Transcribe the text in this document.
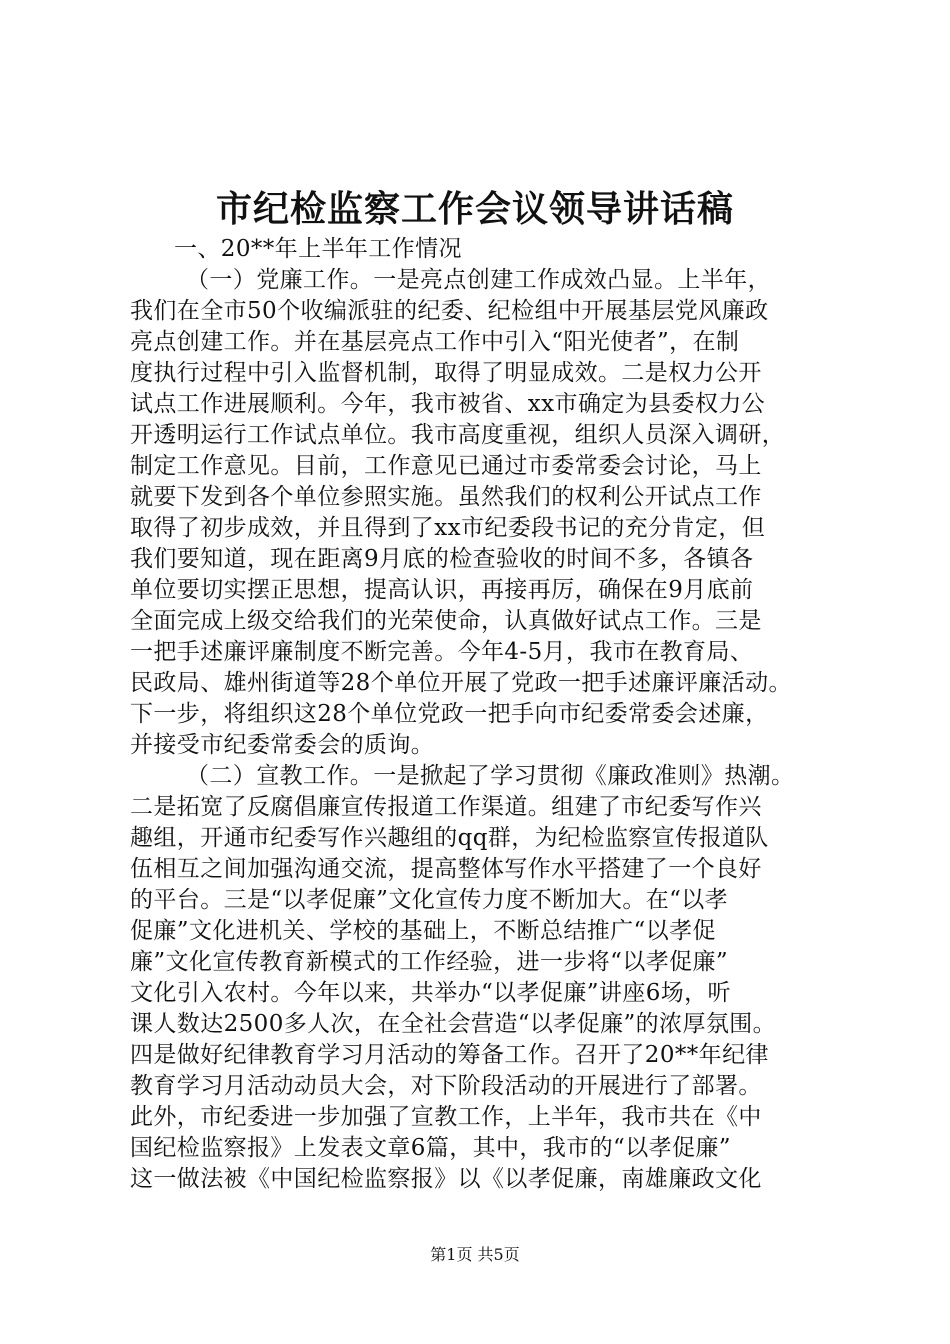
市纪检监察工作会议领导讲话稿
一、20**年上半年工作情况
（一）党廉工作。一是亮点创建工作成效凸显。上半年，
我们在全市50个收编派驻的纪委、纪检组中开展基层党风廉政
亮点创建工作。并在基层亮点工作中引入“阳光使者”，在制
度执行过程中引入监督机制，取得了明显成效。二是权力公开
试点工作进展顺利。今年，我市被省、xx市确定为县委权力公
开透明运行工作试点单位。我市高度重视，组织人员深入调研，
制定工作意见。目前，工作意见已通过市委常委会讨论，马上
就要下发到各个单位参照实施。虽然我们的权利公开试点工作
取得了初步成效，并且得到了xx市纪委段书记的充分肯定，但
我们要知道，现在距离9月底的检查验收的时间不多，各镇各
单位要切实摆正思想，提高认识，再接再厉，确保在9月底前
全面完成上级交给我们的光荣使命，认真做好试点工作。三是
一把手述廉评廉制度不断完善。今年4-5月，我市在教育局、
民政局、雄州街道等28个单位开展了党政一把手述廉评廉活动。
下一步，将组织这28个单位党政一把手向市纪委常委会述廉，
并接受市纪委常委会的质询。
（二）宣教工作。一是掀起了学习贯彻《廉政准则》热潮。
二是拓宽了反腐倡廉宣传报道工作渠道。组建了市纪委写作兴
趣组，开通市纪委写作兴趣组的qq群，为纪检监察宣传报道队
伍相互之间加强沟通交流，提高整体写作水平搭建了一个良好
的平台。三是“以孝促廉”文化宣传力度不断加大。在“以孝
促廉”文化进机关、学校的基础上，不断总结推广“以孝促
廉”文化宣传教育新模式的工作经验，进一步将“以孝促廉”
文化引入农村。今年以来，共举办“以孝促廉”讲座6场，听
课人数达2500多人次，在全社会营造“以孝促廉”的浓厚氛围。
四是做好纪律教育学习月活动的筹备工作。召开了20**年纪律
教育学习月活动动员大会，对下阶段活动的开展进行了部署。
此外，市纪委进一步加强了宣教工作，上半年，我市共在《中
国纪检监察报》上发表文章6篇，其中，我市的“以孝促廉”
这一做法被《中国纪检监察报》以《以孝促廉，南雄廉政文化
第1页 共5页
